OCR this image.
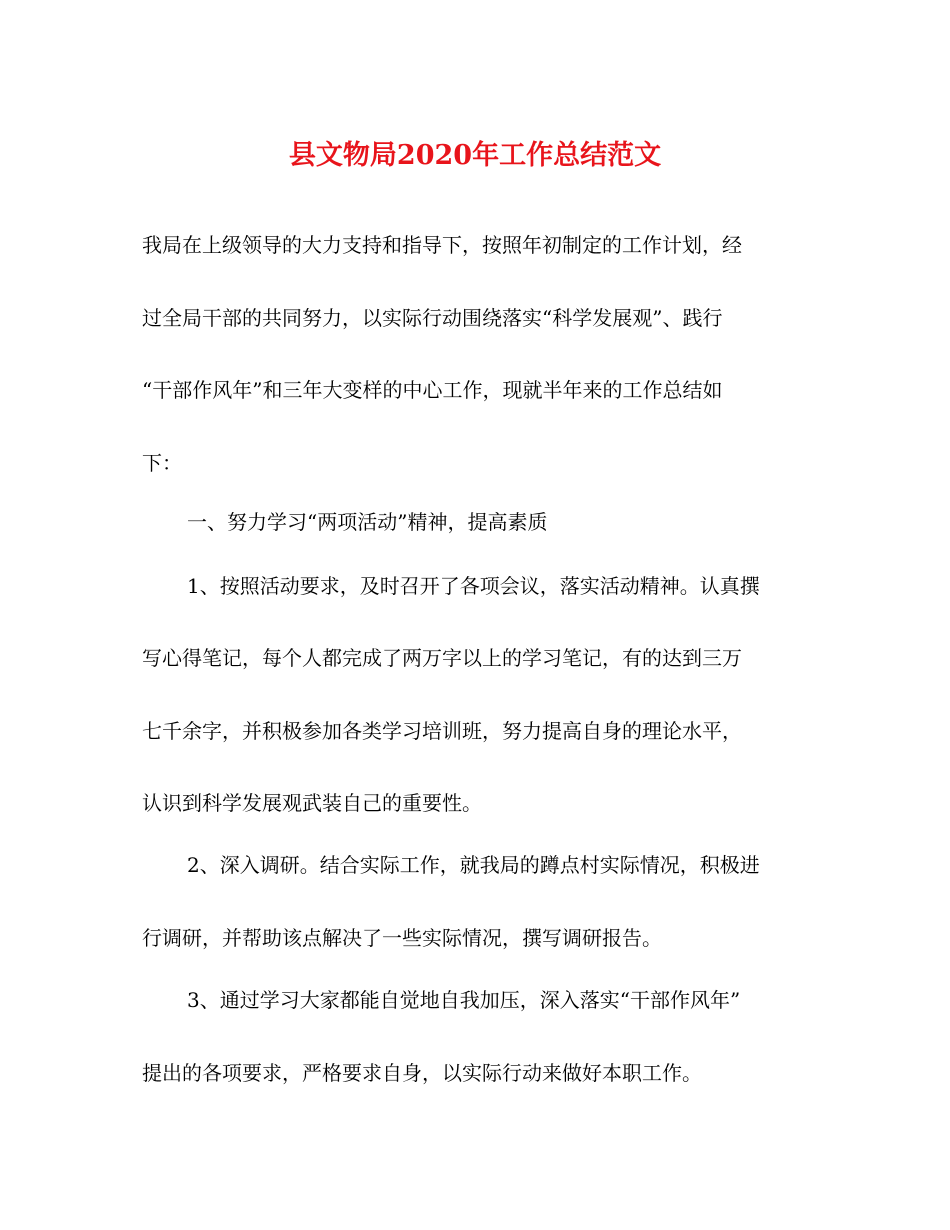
县文物局2020年工作总结范文
我局在上级领导的大力支持和指导下，按照年初制定的工作计划，经
过全局干部的共同努力，以实际行动围绕落实“科学发展观”、践行
“干部作风年”和三年大变样的中心工作，现就半年来的工作总结如
下：
一、努力学习“两项活动”精神，提高素质
1、按照活动要求，及时召开了各项会议，落实活动精神。认真撰
写心得笔记，每个人都完成了两万字以上的学习笔记，有的达到三万
七千余字，并积极参加各类学习培训班，努力提高自身的理论水平，
认识到科学发展观武装自己的重要性。
2、深入调研。结合实际工作，就我局的蹲点村实际情况，积极进
行调研，并帮助该点解决了一些实际情况，撰写调研报告。
3、通过学习大家都能自觉地自我加压，深入落实“干部作风年”
提出的各项要求，严格要求自身，以实际行动来做好本职工作。
